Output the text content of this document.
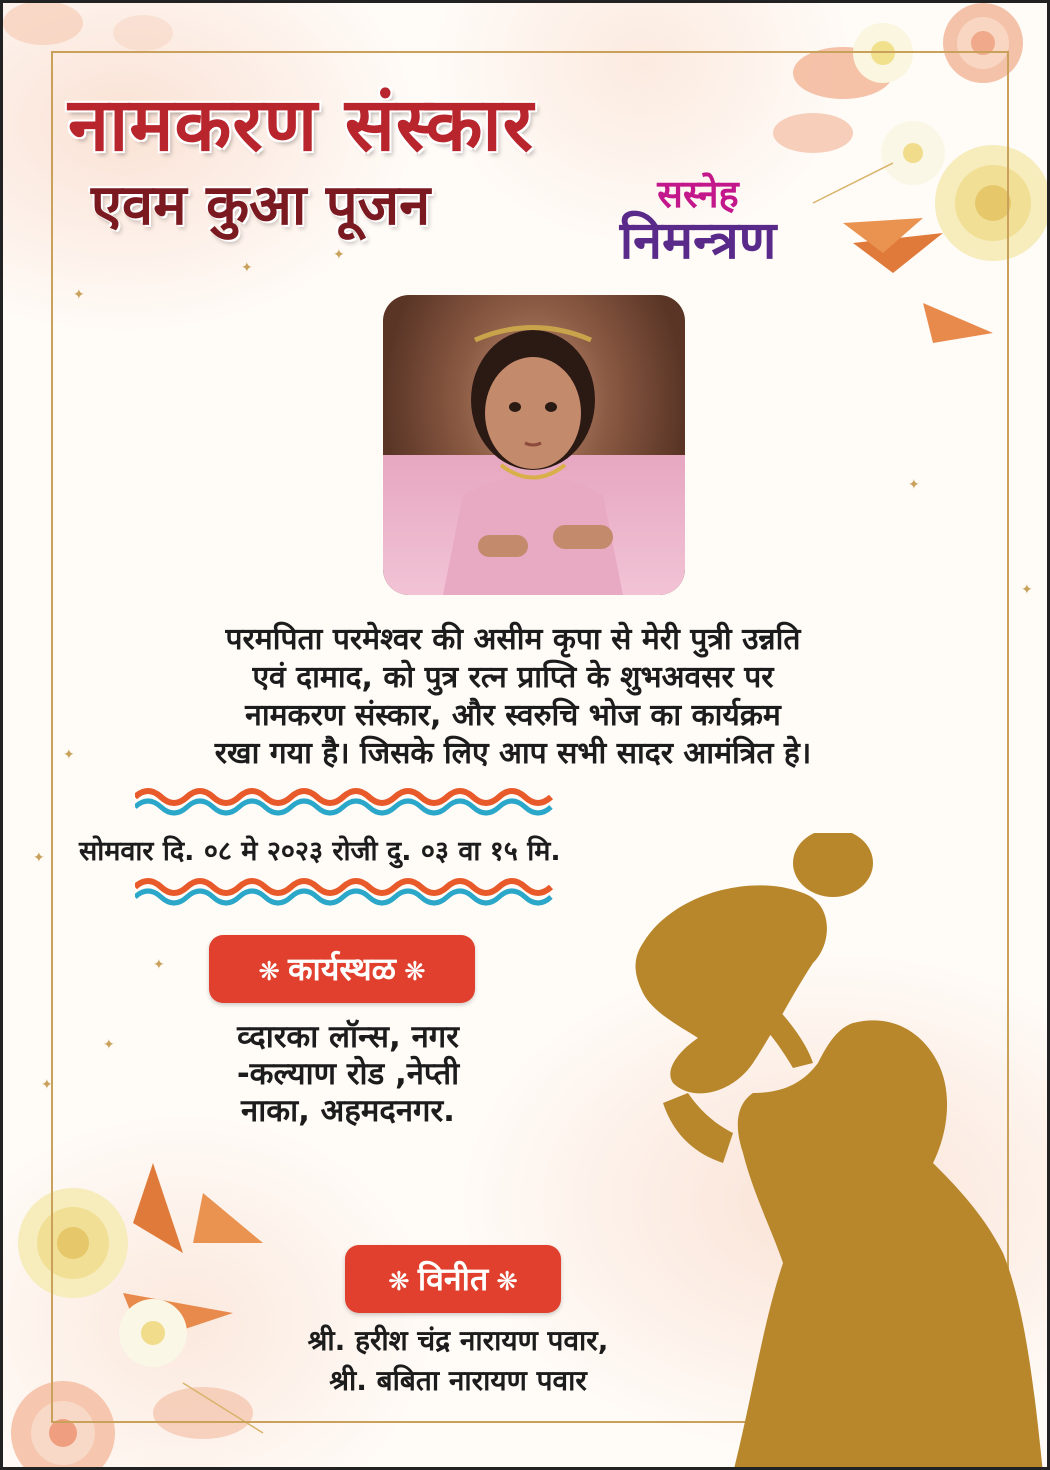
✦
✦
✦
✦
✦
✦
✦
✦
✦
✦
नामकरण संस्कार
एवम कुआ पूजन	सस्नेह
निमन्त्रण
परमपिता परमेश्वर की असीम कृपा से मेरी पुत्री उन्नति
एवं दामाद, को पुत्र रत्न प्राप्ति के शुभअवसर पर
नामकरण संस्कार, और स्वरुचि भोज का कार्यक्रम
रखा गया है। जिसके लिए आप सभी सादर आमंत्रित हे।
सोमवार दि. ०८ मे २०२३ रोजी दु. ०३ वा १५ मि.
❋ कार्यस्थळ ❋
व्दारका लॉन्स, नगर
-कल्याण रोड ,नेप्ती
नाका, अहमदनगर.
❋ विनीत ❋
श्री. हरीश चंद्र नारायण पवार,
श्री. बबिता नारायण पवार
